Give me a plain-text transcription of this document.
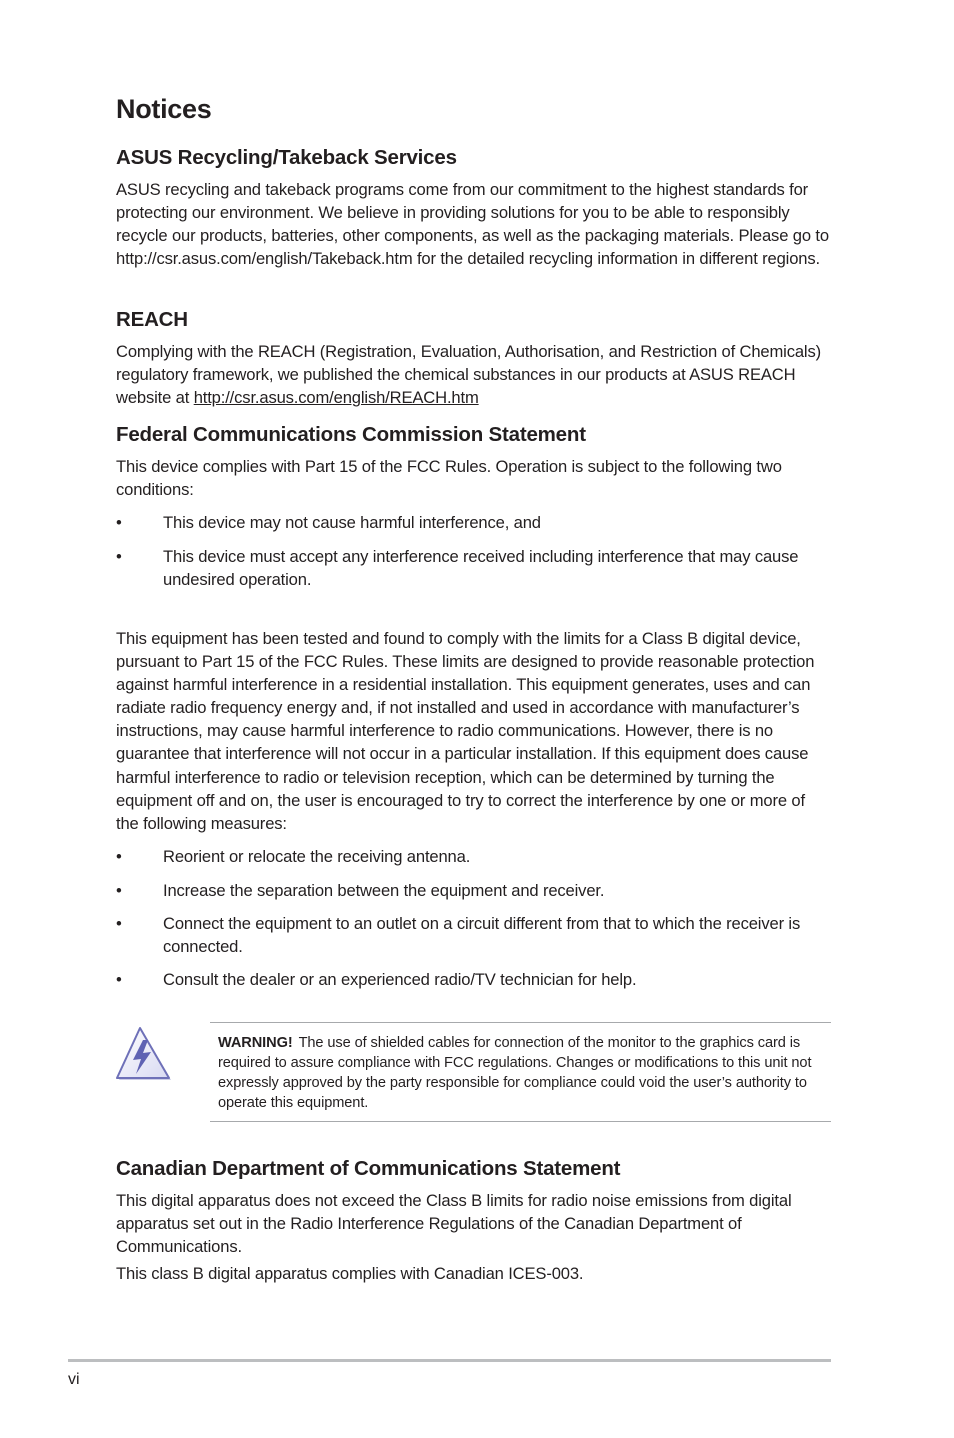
Notices
ASUS Recycling/Takeback Services

ASUS recycling and takeback programs come from our commitment to the highest standards for protecting our environment. We believe in providing solutions for you to be able to responsibly recycle our products, batteries, other components, as well as the packaging materials. Please go to http://csr.asus.com/english/Takeback.htm for the detailed recycling information in different regions.

REACH

Complying with the REACH (Registration, Evaluation, Authorisation, and Restriction of Chemicals) regulatory framework, we published the chemical substances in our products at ASUS REACH website at http://csr.asus.com/english/REACH.htm

Federal Communications Commission Statement

This device complies with Part 15 of the FCC Rules. Operation is subject to the following two conditions:

• This device may not cause harmful interference, and
• This device must accept any interference received including interference that may cause undesired operation.

This equipment has been tested and found to comply with the limits for a Class B digital device, pursuant to Part 15 of the FCC Rules. These limits are designed to provide reasonable protection against harmful interference in a residential installation. This equipment generates, uses and can radiate radio frequency energy and, if not installed and used in accordance with manufacturer’s instructions, may cause harmful interference to radio communications. However, there is no guarantee that interference will not occur in a particular installation. If this equipment does cause harmful interference to radio or television reception, which can be determined by turning the equipment off and on, the user is encouraged to try to correct the interference by one or more of the following measures:

• Reorient or relocate the receiving antenna.
• Increase the separation between the equipment and receiver.
• Connect the equipment to an outlet on a circuit different from that to which the receiver is connected.
• Consult the dealer or an experienced radio/TV technician for help.

WARNING! The use of shielded cables for connection of the monitor to the graphics card is required to assure compliance with FCC regulations. Changes or modifications to this unit not expressly approved by the party responsible for compliance could void the user’s authority to operate this equipment.

Canadian Department of Communications Statement

This digital apparatus does not exceed the Class B limits for radio noise emissions from digital apparatus set out in the Radio Interference Regulations of the Canadian Department of Communications.

This class B digital apparatus complies with Canadian ICES-003.

vi
